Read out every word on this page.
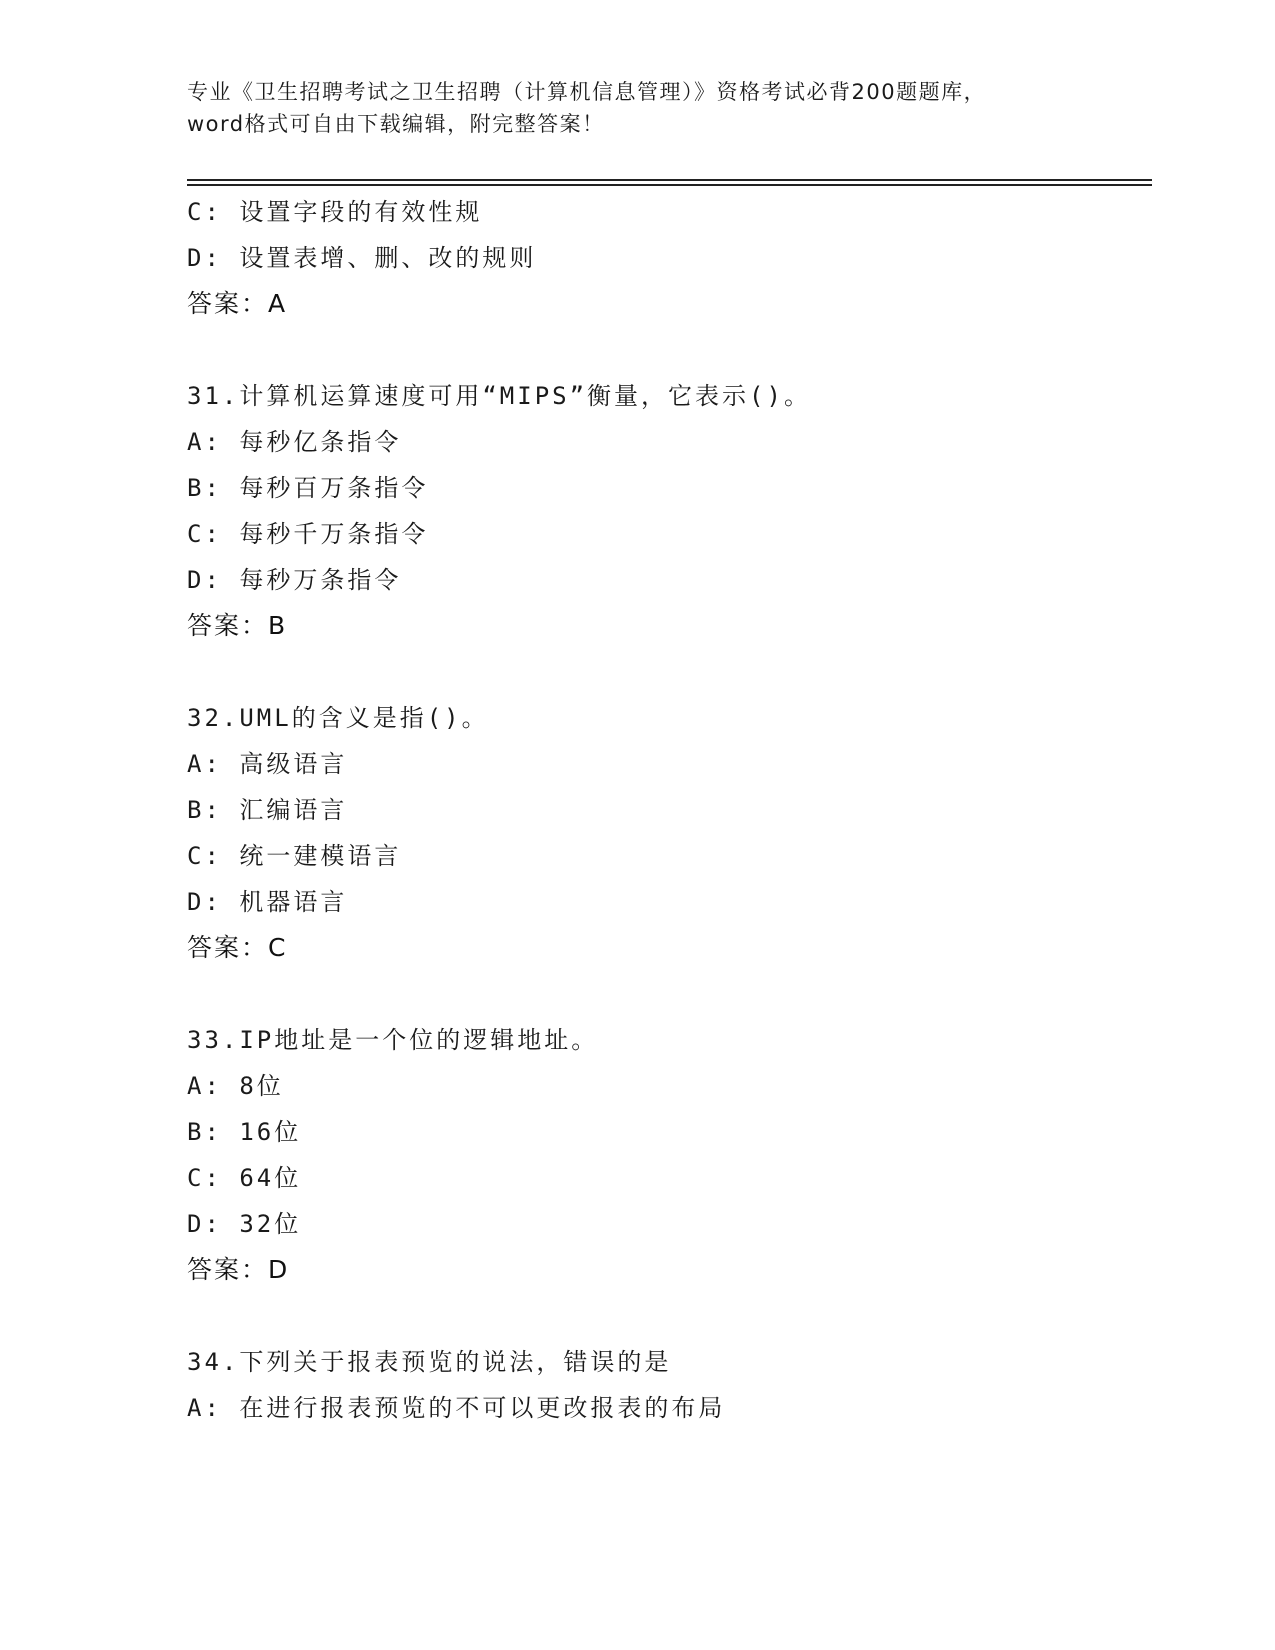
专业《卫生招聘考试之卫生招聘（计算机信息管理）》资格考试必背200题题库，
word格式可自由下载编辑，附完整答案！
C: 设置字段的有效性规
D: 设置表增、删、改的规则
答案：A
31.计算机运算速度可用“MIPS”衡量，它表示()。
A: 每秒亿条指令
B: 每秒百万条指令
C: 每秒千万条指令
D: 每秒万条指令
答案：B
32.UML的含义是指()。
A: 高级语言
B: 汇编语言
C: 统一建模语言
D: 机器语言
答案：C
33.IP地址是一个位的逻辑地址。
A: 8位
B: 16位
C: 64位
D: 32位
答案：D
34.下列关于报表预览的说法，错误的是
A: 在进行报表预览的不可以更改报表的布局
